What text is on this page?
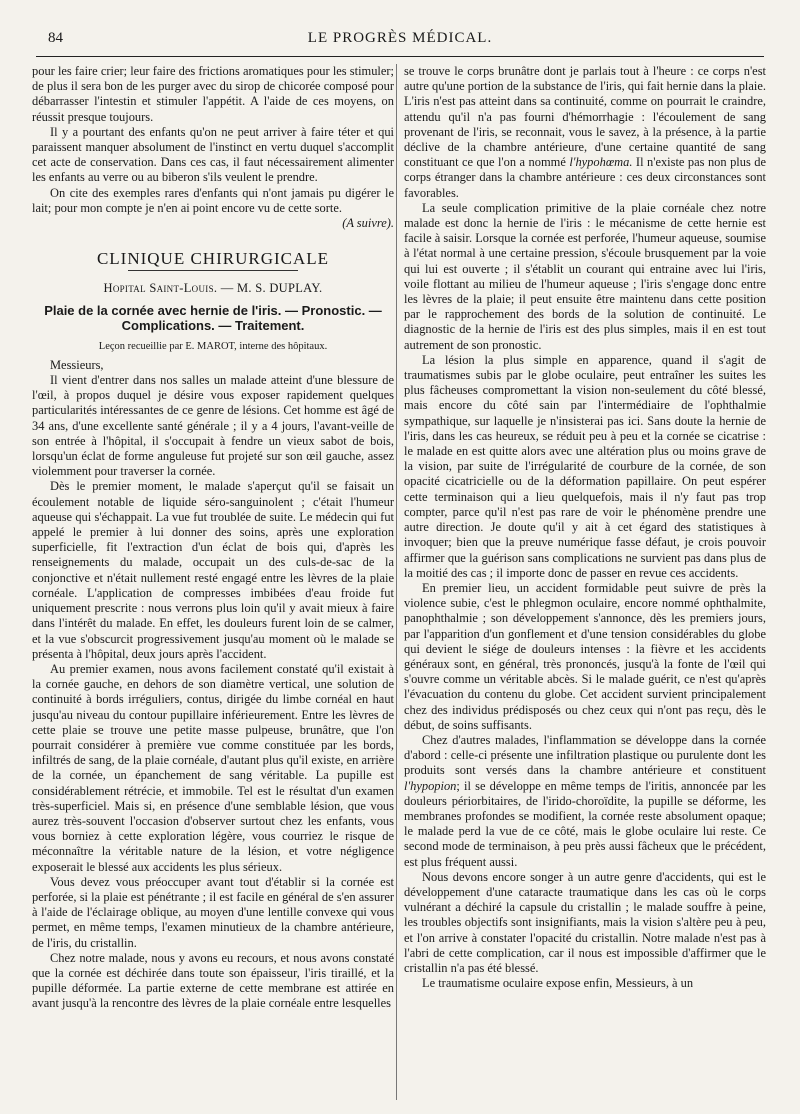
84	LE PROGRÈS MÉDICAL.

pour les faire crier; leur faire des frictions aromatiques pour les stimuler; de plus il sera bon de les purger avec du sirop de chicorée composé pour débarrasser l'intestin et stimuler l'appétit. A l'aide de ces moyens, on réussit presque toujours.

Il y a pourtant des enfants qu'on ne peut arriver à faire téter et qui paraissent manquer absolument de l'instinct en vertu duquel s'accomplit cet acte de conservation. Dans ces cas, il faut nécessairement alimenter les enfants au verre ou au biberon s'ils veulent le prendre.

On cite des exemples rares d'enfants qui n'ont jamais pu digérer le lait; pour mon compte je n'en ai point encore vu de cette sorte.

(A suivre).
CLINIQUE CHIRURGICALE
Hopital Saint-Louis. — M. S. DUPLAY.
Plaie de la cornée avec hernie de l'iris. — Pronostic. — Complications. — Traitement.
Leçon recueillie par E. MAROT, interne des hôpitaux.

Messieurs,

Il vient d'entrer dans nos salles un malade atteint d'une blessure de l'œil, à propos duquel je désire vous exposer rapidement quelques particularités intéressantes de ce genre de lésions. Cet homme est âgé de 34 ans, d'une excellente santé générale ; il y a 4 jours, l'avant-veille de son entrée à l'hôpital, il s'occupait à fendre un vieux sabot de bois, lorsqu'un éclat de forme anguleuse fut projeté sur son œil gauche, assez violemment pour traverser la cornée.

Dès le premier moment, le malade s'aperçut qu'il se faisait un écoulement notable de liquide séro-sanguinolent ; c'était l'humeur aqueuse qui s'échappait. La vue fut troublée de suite. Le médecin qui fut appelé le premier à lui donner des soins, après une exploration superficielle, fit l'extraction d'un éclat de bois qui, d'après les renseignements du malade, occupait un des culs-de-sac de la conjonctive et n'était nullement resté engagé entre les lèvres de la plaie cornéale. L'application de compresses imbibées d'eau froide fut uniquement prescrite : nous verrons plus loin qu'il y avait mieux à faire dans l'intérêt du malade. En effet, les douleurs furent loin de se calmer, et la vue s'obscurcit progressivement jusqu'au moment où le malade se présenta à l'hôpital, deux jours après l'accident.

Au premier examen, nous avons facilement constaté qu'il existait à la cornée gauche, en dehors de son diamètre vertical, une solution de continuité à bords irréguliers, contus, dirigée du limbe cornéal en haut jusqu'au niveau du contour pupillaire inférieurement. Entre les lèvres de cette plaie se trouve une petite masse pulpeuse, brunâtre, que l'on pourrait considérer à première vue comme constituée par les bords, infiltrés de sang, de la plaie cornéale, d'autant plus qu'il existe, en arrière de la cornée, un épanchement de sang véritable. La pupille est considérablement rétrécie, et immobile. Tel est le résultat d'un examen très-superficiel. Mais si, en présence d'une semblable lésion, que vous aurez très-souvent l'occasion d'observer surtout chez les enfants, vous vous borniez à cette exploration légère, vous courriez le risque de méconnaître la véritable nature de la lésion, et votre négligence exposerait le blessé aux accidents les plus sérieux.

Vous devez vous préoccuper avant tout d'établir si la cornée est perforée, si la plaie est pénétrante ; il est facile en général de s'en assurer à l'aide de l'éclairage oblique, au moyen d'une lentille convexe qui vous permet, en même temps, l'examen minutieux de la chambre antérieure, de l'iris, du cristallin.

Chez notre malade, nous y avons eu recours, et nous avons constaté que la cornée est déchirée dans toute son épaisseur, l'iris tiraillé, et la pupille déformée. La partie externe de cette membrane est attirée en avant jusqu'à la rencontre des lèvres de la plaie cornéale entre lesquelles

se trouve le corps brunâtre dont je parlais tout à l'heure : ce corps n'est autre qu'une portion de la substance de l'iris, qui fait hernie dans la plaie. L'iris n'est pas atteint dans sa continuité, comme on pourrait le craindre, attendu qu'il n'a pas fourni d'hémorrhagie : l'écoulement de sang provenant de l'iris, se reconnait, vous le savez, à la présence, à la partie déclive de la chambre antérieure, d'une certaine quantité de sang constituant ce que l'on a nommé l'hypohœma. Il n'existe pas non plus de corps étranger dans la chambre antérieure : ces deux circonstances sont favorables.

La seule complication primitive de la plaie cornéale chez notre malade est donc la hernie de l'iris : le mécanisme de cette hernie est facile à saisir. Lorsque la cornée est perforée, l'humeur aqueuse, soumise à l'état normal à une certaine pression, s'écoule brusquement par la voie qui lui est ouverte ; il s'établit un courant qui entraine avec lui l'iris, voile flottant au milieu de l'humeur aqueuse ; l'iris s'engage donc entre les lèvres de la plaie; il peut ensuite être maintenu dans cette position par le rapprochement des bords de la solution de continuité. Le diagnostic de la hernie de l'iris est des plus simples, mais il en est tout autrement de son pronostic.

La lésion la plus simple en apparence, quand il s'agit de traumatismes subis par le globe oculaire, peut entraîner les suites les plus fâcheuses compromettant la vision non-seulement du côté blessé, mais encore du côté sain par l'intermédiaire de l'ophthalmie sympathique, sur laquelle je n'insisterai pas ici. Sans doute la hernie de l'iris, dans les cas heureux, se réduit peu à peu et la cornée se cicatrise : le malade en est quitte alors avec une altération plus ou moins grave de la vision, par suite de l'irrégularité de courbure de la cornée, de son opacité cicatricielle ou de la déformation papillaire. On peut espérer cette terminaison qui a lieu quelquefois, mais il n'y faut pas trop compter, parce qu'il n'est pas rare de voir le phénomène prendre une autre direction. Je doute qu'il y ait à cet égard des statistiques à invoquer; bien que la preuve numérique fasse défaut, je crois pouvoir affirmer que la guérison sans complications ne survient pas dans plus de la moitié des cas ; il importe donc de passer en revue ces accidents.

En premier lieu, un accident formidable peut suivre de près la violence subie, c'est le phlegmon oculaire, encore nommé ophthalmite, panophthalmie ; son développement s'annonce, dès les premiers jours, par l'apparition d'un gonflement et d'une tension considérables du globe qui devient le siége de douleurs intenses : la fièvre et les accidents généraux sont, en général, très prononcés, jusqu'à la fonte de l'œil qui s'ouvre comme un véritable abcès. Si le malade guérit, ce n'est qu'après l'évacuation du contenu du globe. Cet accident survient principalement chez des individus prédisposés ou chez ceux qui n'ont pas reçu, dès le début, de soins suffisants.

Chez d'autres malades, l'inflammation se développe dans la cornée d'abord : celle-ci présente une infiltration plastique ou purulente dont les produits sont versés dans la chambre antérieure et constituent l'hypopion; il se développe en même temps de l'iritis, annoncée par les douleurs périorbitaires, de l'irido-choroïdite, la pupille se déforme, les membranes profondes se modifient, la cornée reste absolument opaque; le malade perd la vue de ce côté, mais le globe oculaire lui reste. Ce second mode de terminaison, à peu près aussi fâcheux que le précédent, est plus fréquent aussi.

Nous devons encore songer à un autre genre d'accidents, qui est le développement d'une cataracte traumatique dans les cas où le corps vulnérant a déchiré la capsule du cristallin ; le malade souffre à peine, les troubles objectifs sont insignifiants, mais la vision s'altère peu à peu, et l'on arrive à constater l'opacité du cristallin. Notre malade n'est pas à l'abri de cette complication, car il nous est impossible d'affirmer que le cristallin n'a pas été blessé.

Le traumatisme oculaire expose enfin, Messieurs, à un
